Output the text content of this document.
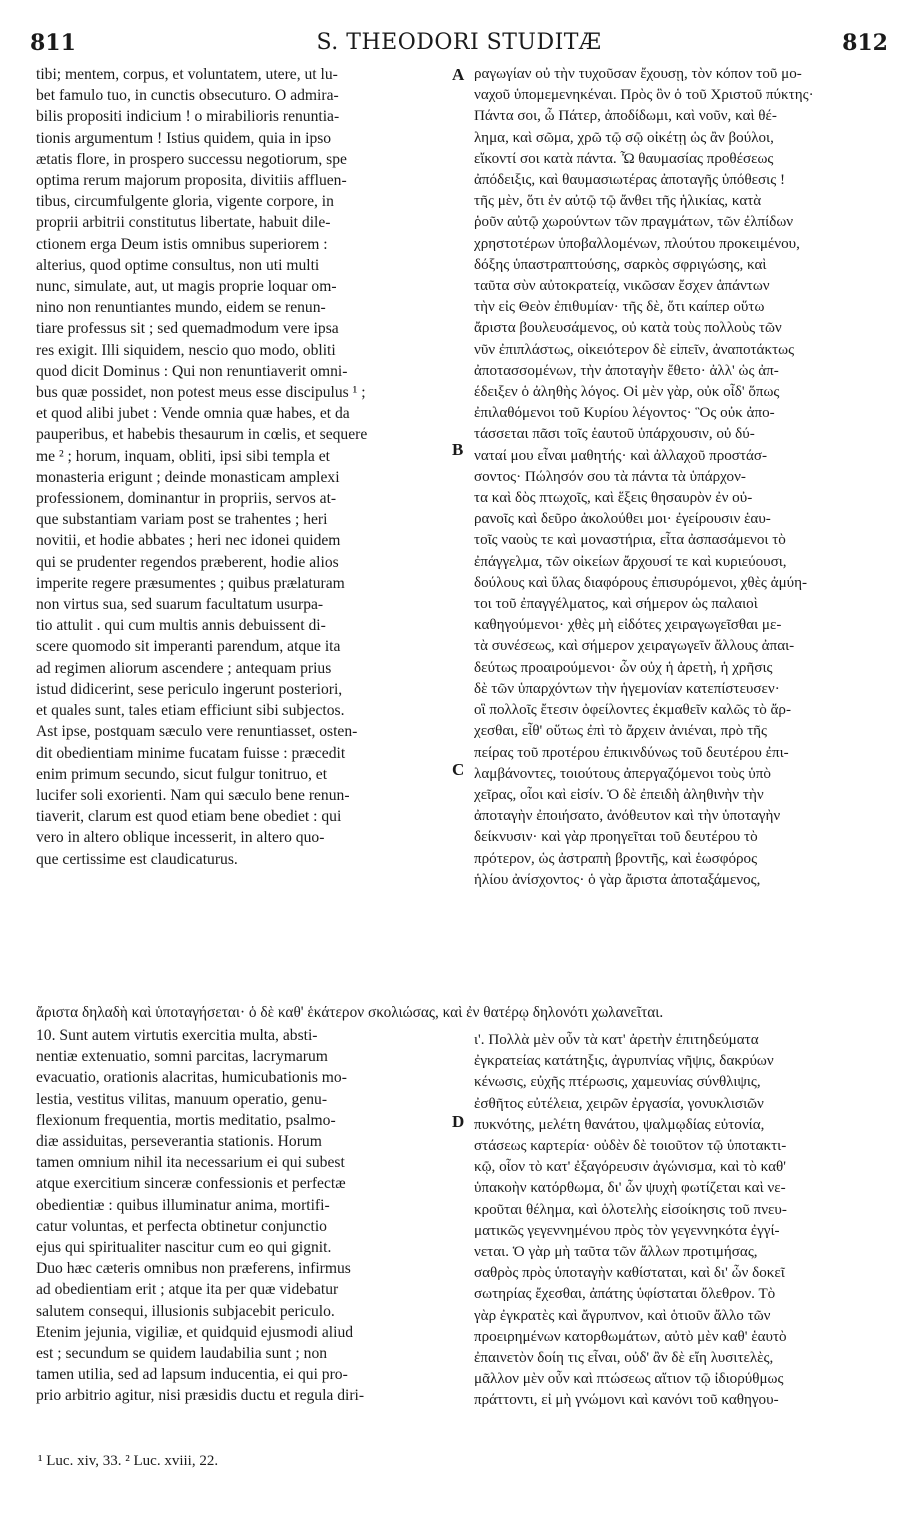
811	S. THEODORI STUDITÆ	812
A
B
C
D

tibi; mentem, corpus, et voluntatem, utere, ut lu-

bet famulo tuo, in cunctis obsecuturo. O admira-

bilis propositi indicium ! o mirabilioris renuntia-

tionis argumentum ! Istius quidem, quia in ipso

ætatis flore, in prospero successu negotiorum, spe

optima rerum majorum proposita, divitiis affluen-

tibus, circumfulgente gloria, vigente corpore, in

proprii arbitrii constitutus libertate, habuit dile-

ctionem erga Deum istis omnibus superiorem :

alterius, quod optime consultus, non uti multi

nunc, simulate, aut, ut magis proprie loquar om-

nino non renuntiantes mundo, eidem se renun-

tiare professus sit ; sed quemadmodum vere ipsa

res exigit. Illi siquidem, nescio quo modo, obliti

quod dicit Dominus : Qui non renuntiaverit omni-

bus quæ possidet, non potest meus esse discipulus ¹ ;

et quod alibi jubet : Vende omnia quæ habes, et da

pauperibus, et habebis thesaurum in cœlis, et sequere

me ² ; horum, inquam, obliti, ipsi sibi templa et

monasteria erigunt ; deinde monasticam amplexi

professionem, dominantur in propriis, servos at-

que substantiam variam post se trahentes ; heri

novitii, et hodie abbates ; heri nec idonei quidem

qui se prudenter regendos præberent, hodie alios

imperite regere præsumentes ; quibus prælaturam

non virtus sua, sed suarum facultatum usurpa-

tio attulit . qui cum multis annis debuissent di-

scere quomodo sit imperanti parendum, atque ita

ad regimen aliorum ascendere ; antequam prius

istud didicerint, sese periculo ingerunt posteriori,

et quales sunt, tales etiam efficiunt sibi subjectos.

Ast ipse, postquam sæculo vere renuntiasset, osten-

dit obedientiam minime fucatam fuisse : præcedit

enim primum secundo, sicut fulgur tonitruo, et

lucifer soli exorienti. Nam qui sæculo bene renun-

tiaverit, clarum est quod etiam bene obediet : qui

vero in altero oblique incesserit, in altero quo-

que certissime est claudicaturus.

ραγωγίαν οὐ τὴν τυχοῦσαν ἔχουσῃ, τὸν κόπον τοῦ μο-

ναχοῦ ὑπομεμενηκέναι. Πρὸς ὃν ὁ τοῦ Χριστοῦ πύκτης·

Πάντα σοι, ὦ Πάτερ, ἀποδίδωμι, καὶ νοῦν, καὶ θέ-

λημα, καὶ σῶμα, χρῶ τῷ σῷ οἰκέτῃ ὡς ἂν βούλοι,

εἴκοντί σοι κατὰ πάντα. Ὦ θαυμασίας προθέσεως

ἀπόδειξις, καὶ θαυμασιωτέρας ἀποταγῆς ὑπόθεσις !

τῆς μὲν, ὅτι ἐν αὐτῷ τῷ ἄνθει τῆς ἡλικίας, κατὰ

ῥοῦν αὐτῷ χωρούντων τῶν πραγμάτων, τῶν ἐλπίδων

χρηστοτέρων ὑποβαλλομένων, πλούτου προκειμένου,

δόξης ὑπαστραπτούσης, σαρκὸς σφριγώσης, καὶ

ταῦτα σὺν αὐτοκρατείᾳ, νικῶσαν ἔσχεν ἁπάντων

τὴν εἰς Θεὸν ἐπιθυμίαν· τῆς δὲ, ὅτι καίπερ οὕτω

ἄριστα βουλευσάμενος, οὐ κατὰ τοὺς πολλοὺς τῶν

νῦν ἐπιπλάστως, οἰκειότερον δὲ εἰπεῖν, ἀναποτάκτως

ἀποτασσομένων, τὴν ἀποταγὴν ἔθετο· ἀλλ' ὡς ἀπ-

έδειξεν ὁ ἀληθὴς λόγος. Οἱ μὲν γὰρ, οὐκ οἶδ' ὅπως

ἐπιλαθόμενοι τοῦ Κυρίου λέγοντος· Ὃς οὐκ ἀπο-

τάσσεται πᾶσι τοῖς ἑαυτοῦ ὑπάρχουσιν, οὐ δύ-

ναταί μου εἶναι μαθητής· καὶ ἀλλαχοῦ προστάσ-

σοντος· Πώλησόν σου τὰ πάντα τὰ ὑπάρχον-

τα καὶ δὸς πτωχοῖς, καὶ ἕξεις θησαυρὸν ἐν οὐ-

ρανοῖς καὶ δεῦρο ἀκολούθει μοι· ἐγείρουσιν ἑαυ-

τοῖς ναοὺς τε καὶ μοναστήρια, εἶτα ἀσπασάμενοι τὸ

ἐπάγγελμα, τῶν οἰκείων ἄρχουσί τε καὶ κυριεύουσι,

δούλους καὶ ὕλας διαφόρους ἐπισυρόμενοι, χθὲς ἀμύη-

τοι τοῦ ἐπαγγέλματος, καὶ σήμερον ὡς παλαιοὶ

καθηγούμενοι· χθὲς μὴ εἰδότες χειραγωγεῖσθαι με-

τὰ συνέσεως, καὶ σήμερον χειραγωγεῖν ἄλλους ἀπαι-

δεύτως προαιρούμενοι· ὧν οὐχ ἡ ἀρετὴ, ἡ χρῆσις

δὲ τῶν ὑπαρχόντων τὴν ἡγεμονίαν κατεπίστευσεν·

οἳ πολλοῖς ἔτεσιν ὀφείλοντες ἐκμαθεῖν καλῶς τὸ ἄρ-

χεσθαι, εἶθ' οὕτως ἐπὶ τὸ ἄρχειν ἀνιέναι, πρὸ τῆς

πείρας τοῦ προτέρου ἐπικινδύνως τοῦ δευτέρου ἐπι-

λαμβάνοντες, τοιούτους ἀπεργαζόμενοι τοὺς ὑπὸ

χεῖρας, οἷοι καὶ εἰσίν. Ὁ δὲ ἐπειδὴ ἀληθινὴν τὴν

ἀποταγὴν ἐποιήσατο, ἀνόθευτον καὶ τὴν ὑποταγὴν

δείκνυσιν· καὶ γὰρ προηγεῖται τοῦ δευτέρου τὸ

πρότερον, ὡς ἀστραπὴ βροντῆς, καὶ ἑωσφόρος

ἡλίου ἀνίσχοντος· ὁ γὰρ ἄριστα ἀποταξάμενος,

ἄριστα δηλαδὴ καὶ ὑποταγήσεται· ὁ δὲ καθ' ἑκάτερον σκολιώσας, καὶ ἐν θατέρῳ δηλονότι χωλανεῖται.

10. Sunt autem virtutis exercitia multa, absti-

nentiæ extenuatio, somni parcitas, lacrymarum

evacuatio, orationis alacritas, humicubationis mo-

lestia, vestitus vilitas, manuum operatio, genu-

flexionum frequentia, mortis meditatio, psalmo-

diæ assiduitas, perseverantia stationis. Horum

tamen omnium nihil ita necessarium ei qui subest

atque exercitium sinceræ confessionis et perfectæ

obedientiæ : quibus illuminatur anima, mortifi-

catur voluntas, et perfecta obtinetur conjunctio

ejus qui spiritualiter nascitur cum eo qui gignit.

Duo hæc cæteris omnibus non præferens, infirmus

ad obedientiam erit ; atque ita per quæ videbatur

salutem consequi, illusionis subjacebit periculo.

Etenim jejunia, vigiliæ, et quidquid ejusmodi aliud

est ; secundum se quidem laudabilia sunt ; non

tamen utilia, sed ad lapsum inducentia, ei qui pro-

prio arbitrio agitur, nisi præsidis ductu et regula diri-

ι'. Πολλὰ μὲν οὖν τὰ κατ' ἀρετὴν ἐπιτηδεύματα

ἐγκρατείας κατάτηξις, ἀγρυπνίας νῆψις, δακρύων

κένωσις, εὐχῆς πτέρωσις, χαμευνίας σύνθλιψις,

ἐσθῆτος εὐτέλεια, χειρῶν ἐργασία, γονυκλισιῶν

πυκνότης, μελέτη θανάτου, ψαλμῳδίας εὐτονία,

στάσεως καρτερία· οὐδὲν δὲ τοιοῦτον τῷ ὑποτακτι-

κῷ, οἷον τὸ κατ' ἐξαγόρευσιν ἀγώνισμα, καὶ τὸ καθ'

ὑπακοὴν κατόρθωμα, δι' ὧν ψυχὴ φωτίζεται καὶ νε-

κροῦται θέλημα, καὶ ὁλοτελὴς εἰσοίκησις τοῦ πνευ-

ματικῶς γεγεννημένου πρὸς τὸν γεγεννηκότα ἐγγί-

νεται. Ὁ γὰρ μὴ ταῦτα τῶν ἄλλων προτιμήσας,

σαθρὸς πρὸς ὑποταγὴν καθίσταται, καὶ δι' ὧν δοκεῖ

σωτηρίας ἔχεσθαι, ἀπάτης ὑφίσταται ὄλεθρον. Τὸ

γὰρ ἐγκρατὲς καὶ ἄγρυπνον, καὶ ὁτιοῦν ἄλλο τῶν

προειρημένων κατορθωμάτων, αὐτὸ μὲν καθ' ἑαυτὸ

ἐπαινετὸν δοίη τις εἶναι, οὐδ' ἂν δὲ εἴη λυσιτελὲς,

μᾶλλον μὲν οὖν καὶ πτώσεως αἴτιον τῷ ἰδιορύθμως

πράττοντι, εἰ μὴ γνώμονι καὶ κανόνι τοῦ καθηγου-

¹ Luc. xiv, 33. ² Luc. xviii, 22.
